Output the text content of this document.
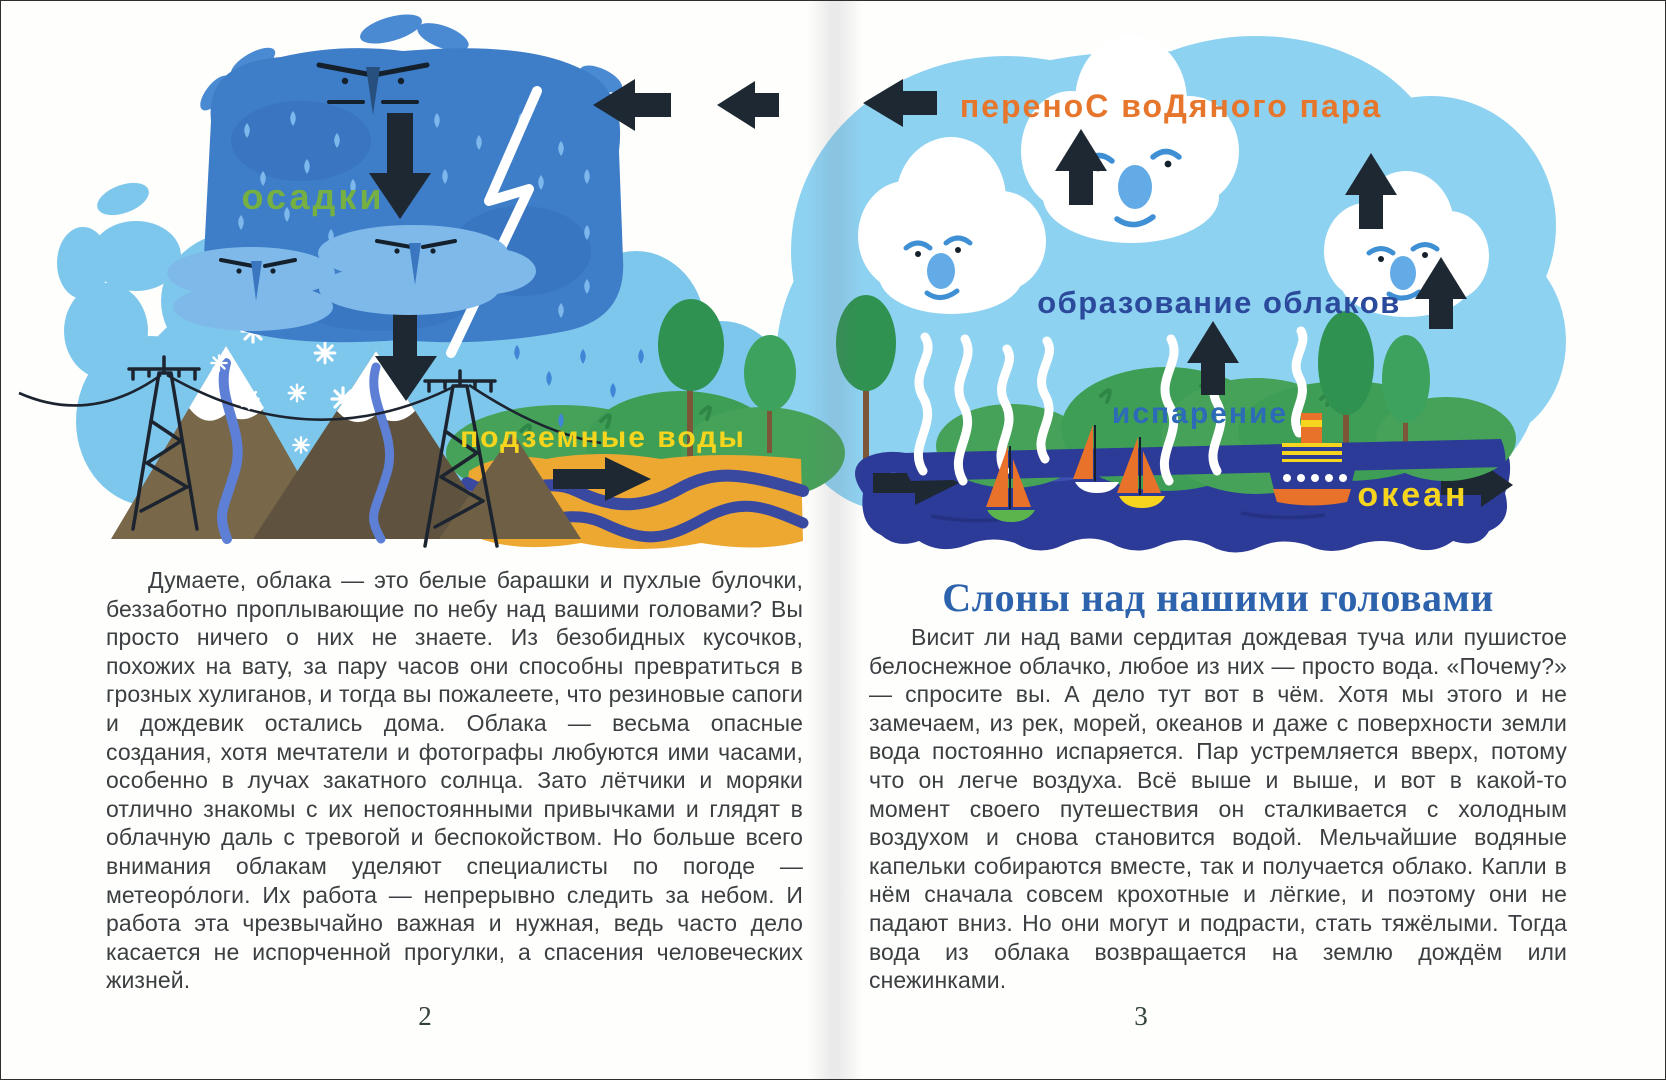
осадки
переноС воДяного пара
образование облаков
испарение
океан
подземные воды

Думаете, облака — это белые барашки и пухлые булочки, беззаботно проплывающие по небу над вашими головами? Вы просто ничего о них не знаете. Из безобидных кусочков, похожих на вату, за пару часов они способны превратиться в грозных хулиганов, и тогда вы пожалеете, что резиновые сапоги и дождевик остались дома. Облака — весьма опасные создания, хотя мечтатели и фотографы любуются ими часами, особенно в лучах закатного солнца. Зато лётчики и моряки отлично знакомы с их непостоянными привычками и глядят в облачную даль с тревогой и беспокойством. Но больше всего внимания облакам уделяют специалисты по погоде — метеоро́логи. Их работа — непрерывно следить за небом. И работа эта чрезвычайно важная и нужная, ведь часто дело касается не испорченной прогулки, а спасения человеческих жизней.

Слоны над нашими головами

Висит ли над вами сердитая дождевая туча или пушистое белоснежное облачко, любое из них — просто вода. «Почему?» — спросите вы. А дело тут вот в чём. Хотя мы этого и не замечаем, из рек, морей, океанов и даже с поверхности земли вода постоянно испаряется. Пар устремляется вверх, потому что он легче воздуха. Всё выше и выше, и вот в какой-то момент своего путешествия он сталкивается с холодным воздухом и снова становится водой. Мельчайшие водяные капельки собираются вместе, так и получается облако. Капли в нём сначала совсем крохотные и лёгкие, и поэтому они не падают вниз. Но они могут и подрасти, стать тяжёлыми. Тогда вода из облака возвращается на землю дождём или снежинками.

2	3
